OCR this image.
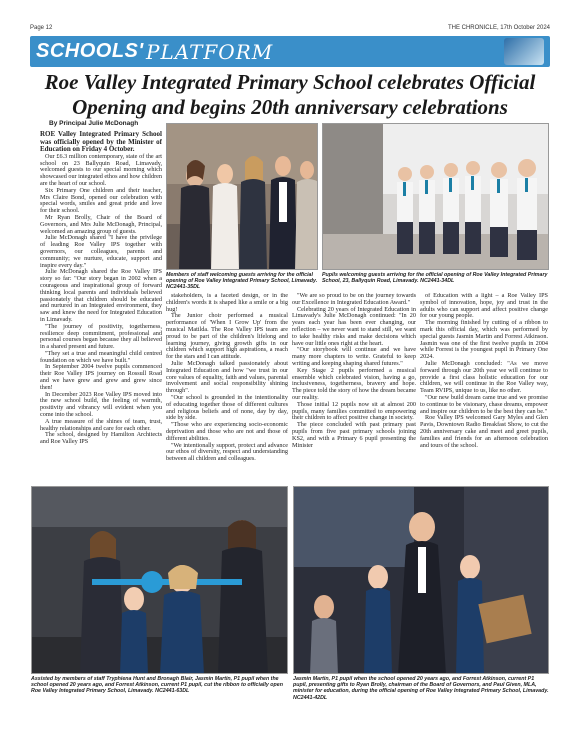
Page 12	THE CHRONICLE, 17th October 2024
SCHOOLS' PLATFORM
Roe Valley Integrated Primary School celebrates Official Opening and begins 20th anniversary celebrations
By Principal Julie McDonagh

ROE Valley Integrated Primary School was officially opened by the Minister of Education on Friday 4 October.

Our £6.3 million contemporary, state of the art school on 23 Ballyquin Road, Limavady, welcomed guests to our special morning which showcased our integrated ethos and how children are the heart of our school.

Six Primary One children and their teacher, Mrs Claire Bond, opened our celebration with special words, smiles and great pride and love for their school.

Mr Ryan Brolly, Chair of the Board of Governors, and Mrs Julie McDonagh, Principal, welcomed an amazing group of guests.

Julie McDonagh shared "I have the privilege of leading Roe Valley IPS together with governors, our colleagues, parents and community; we nurture, educate, support and inspire every day."

Julie McDonagh shared the Roe Valley IPS story so far: "Our story began in 2002 when a courageous and inspirational group of forward thinking local parents and individuals believed passionately that children should be educated and nurtured in an Integrated environment, they saw and knew the need for Integrated Education in Limavady.

"The journey of positivity, togetherness, resilience deep commitment, professional and personal courses began because they all believed in a shared present and future.

"They set a true and meaningful child centred foundation on which we have built."

In September 2004 twelve pupils commenced their Roe Valley IPS journey on Rossull Road and we have grew and grew and grew since then!

In December 2023 Roe Valley IPS moved into the new school build, the feeling of warmth, positivity and vibrancy will evident when you come into the school.

A true measure of the shines of team, trust, healthy relationships and care for each other.

The school, designed by Hamilton Architects and Roe Valley IPS

Members of staff welcoming guests arriving for the official opening of Roe Valley Integrated Primary School, Limavady. NC2441-35DL
Pupils welcoming guests arriving for the official opening of Roe Valley Integrated Primary School, 23, Ballyquin Road, Limavady. NC2441-34DL

stakeholders, is a faceted design, or in the children's words it is shaped like a smile or a big hug!

The Junior choir performed a musical performance of 'When I Grow Up' from the musical Matilda. The Roe Valley IPS team are proud to be part of the children's lifelong and learning journey, giving growth gifts in our children which support high aspirations, a reach for the stars and I can attitude.

Julie McDonagh talked passionately about Integrated Education and how "we trust in our core values of equality, faith and values, parental involvement and social responsibility shining through".

"Our school is grounded in the intentionality of educating together those of different cultures and religious beliefs and of none, day by day, side by side.

"Those who are experiencing socio-economic deprivation and those who are not and those of different abilities.

"We intentionally support, protect and advance our ethos of diversity, respect and understanding between all children and colleagues.

"We are so proud to be on the journey towards our Excellence in Integrated Education Award."

Celebrating 20 years of Integrated Education in Limavady's Julie McDonagh continued: "In 20 years each year has been ever changing, our reflection – we never want to stand still, we want to take healthy risks and make decisions which have our little ones right at the heart.

"Our storybook will continue and we have many more chapters to write. Grateful to keep writing and keeping shaping shared futures."

Key Stage 2 pupils performed a musical ensemble which celebrated vision, having a go, inclusiveness, togetherness, bravery and hope. The piece told the story of how the dream became our reality.

Those initial 12 pupils now sit at almost 200 pupils, many families committed to empowering their children to affect positive change in society.

The piece concluded with past primary past pupils from five past primary schools joining KS2, and with a Primary 6 pupil presenting the Minister

of Education with a light – a Roe Valley IPS symbol of innovation, hope, joy and trust in the adults who can support and affect positive change for our young people.

The morning finished by cutting of a ribbon to mark this official day, which was performed by special guests Jasmin Martin and Forrest Atkinson. Jasmin was one of the first twelve pupils in 2004 while Forrest is the youngest pupil in Primary One 2024.

Julie McDonagh concluded: "As we move forward through our 20th year we will continue to provide a first class holistic education for our children, we will continue in the Roe Valley way, Team RVIPS, unique to us, like no other.

"Our new build dream came true and we promise to continue to be visionary, chase dreams, empower and inspire our children to be the best they can be."

Roe Valley IPS welcomed Gary Myles and Glen Pavis, Downtown Radio Breakfast Show, to cut the 20th anniversary cake and meet and greet pupils, families and friends for an afternoon celebration and tours of the school.

Assisted by members of staff Tryphiena Hunt and Bronagh Blair, Jasmin Martin, P1 pupil when the school opened 20 years ago, and Forrest Atkinson, current P1 pupil, cut the ribbon to officially open Roe Valley Integrated Primary School, Limavady. NC2441-63DL
Jasmin Martin, P1 pupil when the school opened 20 years ago, and Forrest Atkinson, current P1 pupil, presenting gifts to Ryan Brolly, chairman of the Board of Governors, and Paul Given, MLA, minister for education, during the official opening of Roe Valley Integrated Primary School, Limavady. NC2441-42DL
